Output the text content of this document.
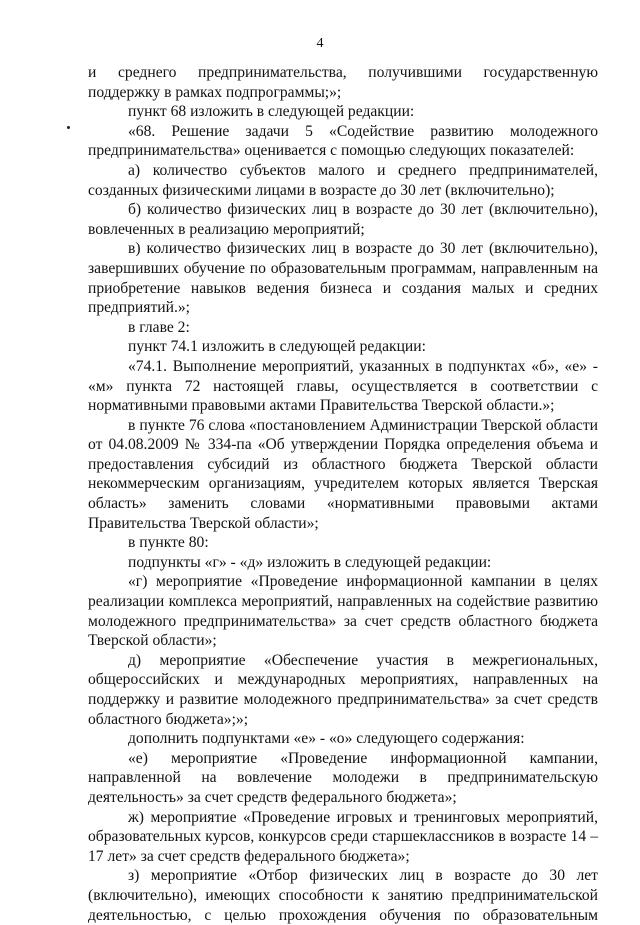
4

и среднего предпринимательства, получившими государственную поддержку в рамках подпрограммы;»;

пункт 68 изложить в следующей редакции:

«68. Решение задачи 5 «Содействие развитию молодежного предпринимательства» оценивается с помощью следующих показателей:

а) количество субъектов малого и среднего предпринимателей, созданных физическими лицами в возрасте до 30 лет (включительно);

б) количество физических лиц в возрасте до 30 лет (включительно), вовлеченных в реализацию мероприятий;

в) количество физических лиц в возрасте до 30 лет (включительно), завершивших обучение по образовательным программам, направленным на приобретение навыков ведения бизнеса и создания малых и средних предприятий.»;

в главе 2:

пункт 74.1 изложить в следующей редакции:

«74.1. Выполнение мероприятий, указанных в подпунктах «б», «е» - «м» пункта 72 настоящей главы, осуществляется в соответствии с нормативными правовыми актами Правительства Тверской области.»;

в пункте 76 слова «постановлением Администрации Тверской области от 04.08.2009 № 334-па «Об утверждении Порядка определения объема и предоставления субсидий из областного бюджета Тверской области некоммерческим организациям, учредителем которых является Тверская область» заменить словами «нормативными правовыми актами Правительства Тверской области»;

в пункте 80:

подпункты «г» - «д» изложить в следующей редакции:

«г) мероприятие «Проведение информационной кампании в целях реализации комплекса мероприятий, направленных на содействие развитию молодежного предпринимательства» за счет средств областного бюджета Тверской области»;

д) мероприятие «Обеспечение участия в межрегиональных, общероссийских и международных мероприятиях, направленных на поддержку и развитие молодежного предпринимательства» за счет средств областного бюджета»;»;

дополнить подпунктами «е» - «о» следующего содержания:

«е) мероприятие «Проведение информационной кампании, направленной на вовлечение молодежи в предпринимательскую деятельность» за счет средств федерального бюджета»;

ж) мероприятие «Проведение игровых и тренинговых мероприятий, образовательных курсов, конкурсов среди старшеклассников в возрасте 14 – 17 лет» за счет средств федерального бюджета»;

з) мероприятие «Отбор физических лиц в возрасте до 30 лет (включительно), имеющих способности к занятию предпринимательской деятельностью, с целью прохождения обучения по образовательным
